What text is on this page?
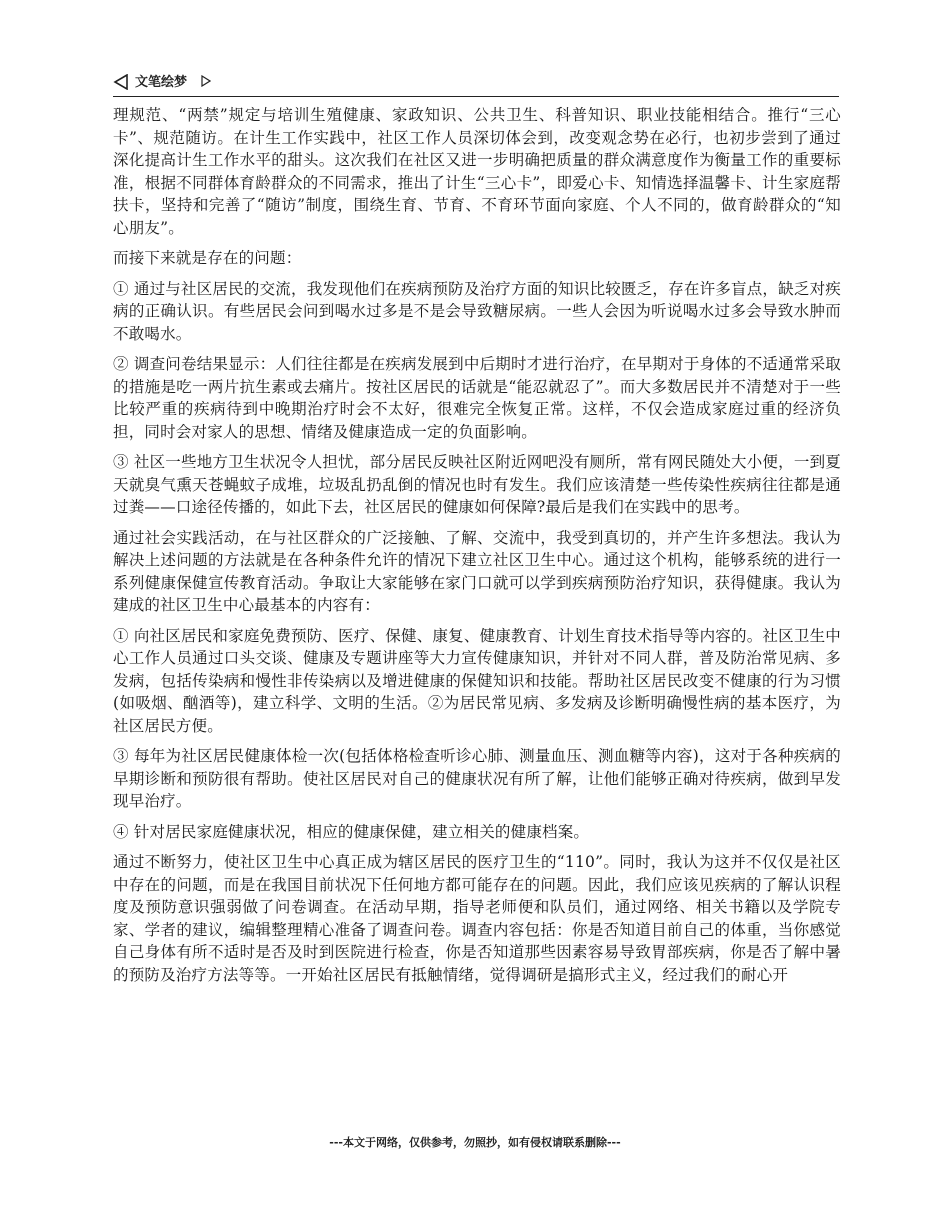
文笔绘梦

理规范、“两禁”规定与培训生殖健康、家政知识、公共卫生、科普知识、职业技能相结合。推行“三心卡”、规范随访。在计生工作实践中，社区工作人员深切体会到，改变观念势在必行，也初步尝到了通过深化提高计生工作水平的甜头。这次我们在社区又进一步明确把质量的群众满意度作为衡量工作的重要标准，根据不同群体育龄群众的不同需求，推出了计生“三心卡”，即爱心卡、知情选择温馨卡、计生家庭帮扶卡，坚持和完善了“随访”制度，围绕生育、节育、不育环节面向家庭、个人不同的，做育龄群众的“知心朋友”。

而接下来就是存在的问题：

① 通过与社区居民的交流，我发现他们在疾病预防及治疗方面的知识比较匮乏，存在许多盲点，缺乏对疾病的正确认识。有些居民会问到喝水过多是不是会导致糖尿病。一些人会因为听说喝水过多会导致水肿而不敢喝水。

② 调查问卷结果显示：人们往往都是在疾病发展到中后期时才进行治疗，在早期对于身体的不适通常采取的措施是吃一两片抗生素或去痛片。按社区居民的话就是“能忍就忍了”。而大多数居民并不清楚对于一些比较严重的疾病待到中晚期治疗时会不太好，很难完全恢复正常。这样，不仅会造成家庭过重的经济负担，同时会对家人的思想、情绪及健康造成一定的负面影响。

③ 社区一些地方卫生状况令人担忧，部分居民反映社区附近网吧没有厕所，常有网民随处大小便，一到夏天就臭气熏天苍蝇蚊子成堆，垃圾乱扔乱倒的情况也时有发生。我们应该清楚一些传染性疾病往往都是通过粪——口途径传播的，如此下去，社区居民的健康如何保障?最后是我们在实践中的思考。

通过社会实践活动，在与社区群众的广泛接触、了解、交流中，我受到真切的，并产生许多想法。我认为解决上述问题的方法就是在各种条件允许的情况下建立社区卫生中心。通过这个机构，能够系统的进行一系列健康保健宣传教育活动。争取让大家能够在家门口就可以学到疾病预防治疗知识，获得健康。我认为建成的社区卫生中心最基本的内容有：

① 向社区居民和家庭免费预防、医疗、保健、康复、健康教育、计划生育技术指导等内容的。社区卫生中心工作人员通过口头交谈、健康及专题讲座等大力宣传健康知识，并针对不同人群，普及防治常见病、多发病，包括传染病和慢性非传染病以及增进健康的保健知识和技能。帮助社区居民改变不健康的行为习惯(如吸烟、酗酒等)，建立科学、文明的生活。②为居民常见病、多发病及诊断明确慢性病的基本医疗，为社区居民方便。

③ 每年为社区居民健康体检一次(包括体格检查听诊心肺、测量血压、测血糖等内容)，这对于各种疾病的早期诊断和预防很有帮助。使社区居民对自己的健康状况有所了解，让他们能够正确对待疾病，做到早发现早治疗。

④ 针对居民家庭健康状况，相应的健康保健，建立相关的健康档案。

通过不断努力，使社区卫生中心真正成为辖区居民的医疗卫生的“110”。同时，我认为这并不仅仅是社区中存在的问题，而是在我国目前状况下任何地方都可能存在的问题。因此，我们应该见疾病的了解认识程度及预防意识强弱做了问卷调查。在活动早期，指导老师便和队员们，通过网络、相关书籍以及学院专家、学者的建议，编辑整理精心准备了调查问卷。调查内容包括：你是否知道目前自己的体重，当你感觉自己身体有所不适时是否及时到医院进行检查，你是否知道那些因素容易导致胃部疾病，你是否了解中暑的预防及治疗方法等等。一开始社区居民有抵触情绪，觉得调研是搞形式主义，经过我们的耐心开

---本文于网络，仅供参考，勿照抄，如有侵权请联系删除---
